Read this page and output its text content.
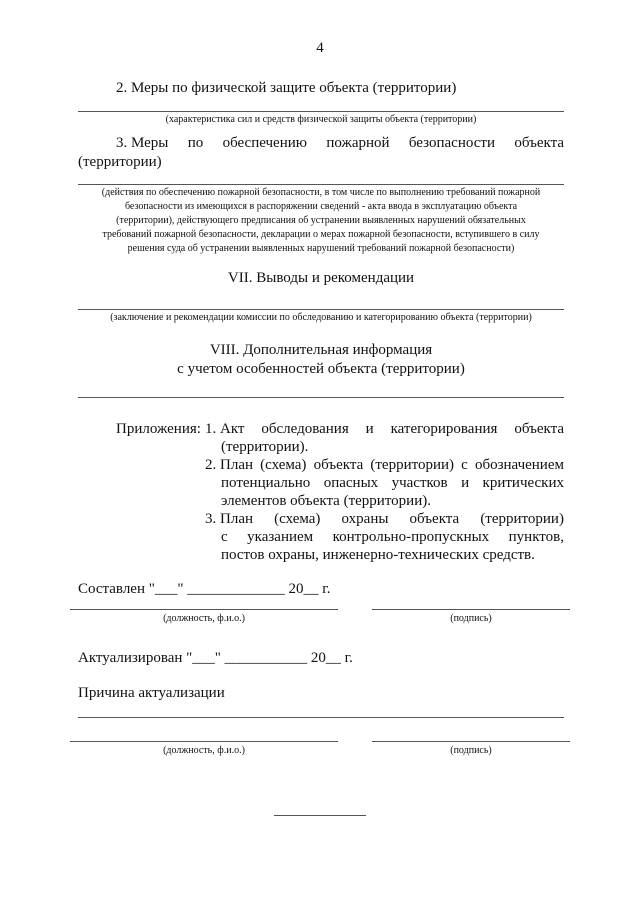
4
2. Меры по физической защите объекта (территории)
(характеристика сил и средств физической защиты объекта (территории)
3. Меры по обеспечению пожарной безопасности объекта
(территории)
(действия по обеспечению пожарной безопасности, в том числе по выполнению требований пожарной
безопасности из имеющихся в распоряжении сведений - акта ввода в эксплуатацию объекта
(территории), действующего предписания об устранении выявленных нарушений обязательных
требований пожарной безопасности, декларации о мерах пожарной безопасности, вступившего в силу
решения суда об устранении выявленных нарушений требований пожарной безопасности)
VII. Выводы и рекомендации
(заключение и рекомендации комиссии по обследованию и категорированию объекта (территории)
VIII. Дополнительная информация
с учетом особенностей объекта (территории)
Приложения: 1. Акт обследования и категорирования объекта
(территории).
2. План (схема) объекта (территории) с обозначением
потенциально опасных участков и критических
элементов объекта (территории).
3. План (схема) охраны объекта (территории)
с указанием контрольно-пропускных пунктов,
постов охраны, инженерно-технических средств.
Составлен "___" _____________ 20__ г.
(должность, ф.и.о.)	(подпись)
Актуализирован "___" ___________ 20__ г.
Причина актуализации
(должность, ф.и.о.)	(подпись)
